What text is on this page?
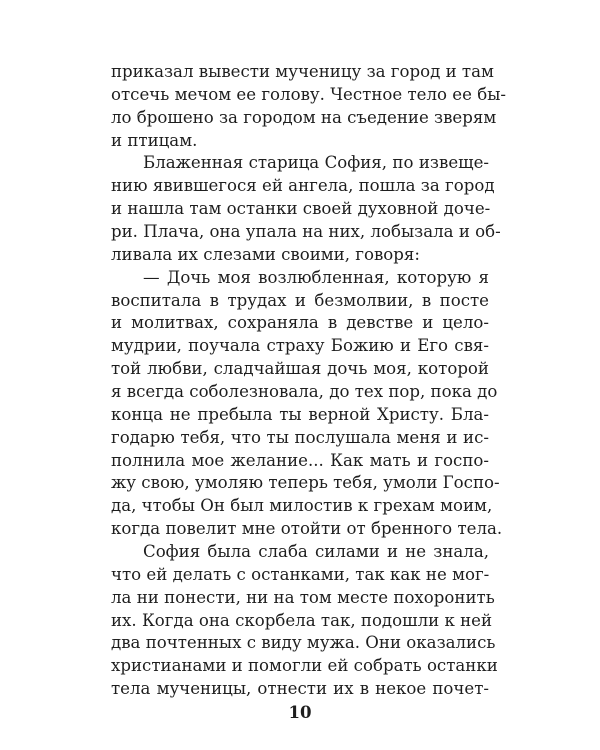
приказал вывести мученицу за город и там
отсечь мечом ее голову. Честное тело ее бы-
ло брошено за городом на съедение зверям
и птицам.
Блаженная старица София, по извеще-
нию явившегося ей ангела, пошла за город
и нашла там останки своей духовной доче-
ри. Плача, она упала на них, лобызала и об-
ливала их слезами своими, говоря:
— Дочь моя возлюбленная, которую я
воспитала в трудах и безмолвии, в посте
и молитвах, сохраняла в девстве и цело-
мудрии, поучала страху Божию и Его свя-
той любви, сладчайшая дочь моя, которой
я всегда соболезновала, до тех пор, пока до
конца не пребыла ты верной Христу. Бла-
годарю тебя, что ты послушала меня и ис-
полнила мое желание... Как мать и госпо-
жу свою, умоляю теперь тебя, умоли Госпо-
да, чтобы Он был милостив к грехам моим,
когда повелит мне отойти от бренного тела.
София была слаба силами и не знала,
что ей делать с останками, так как не мог-
ла ни понести, ни на том месте похоронить
их. Когда она скорбела так, подошли к ней
два почтенных с виду мужа. Они оказались
христианами и помогли ей собрать останки
тела мученицы, отнести их в некое почет-
10
